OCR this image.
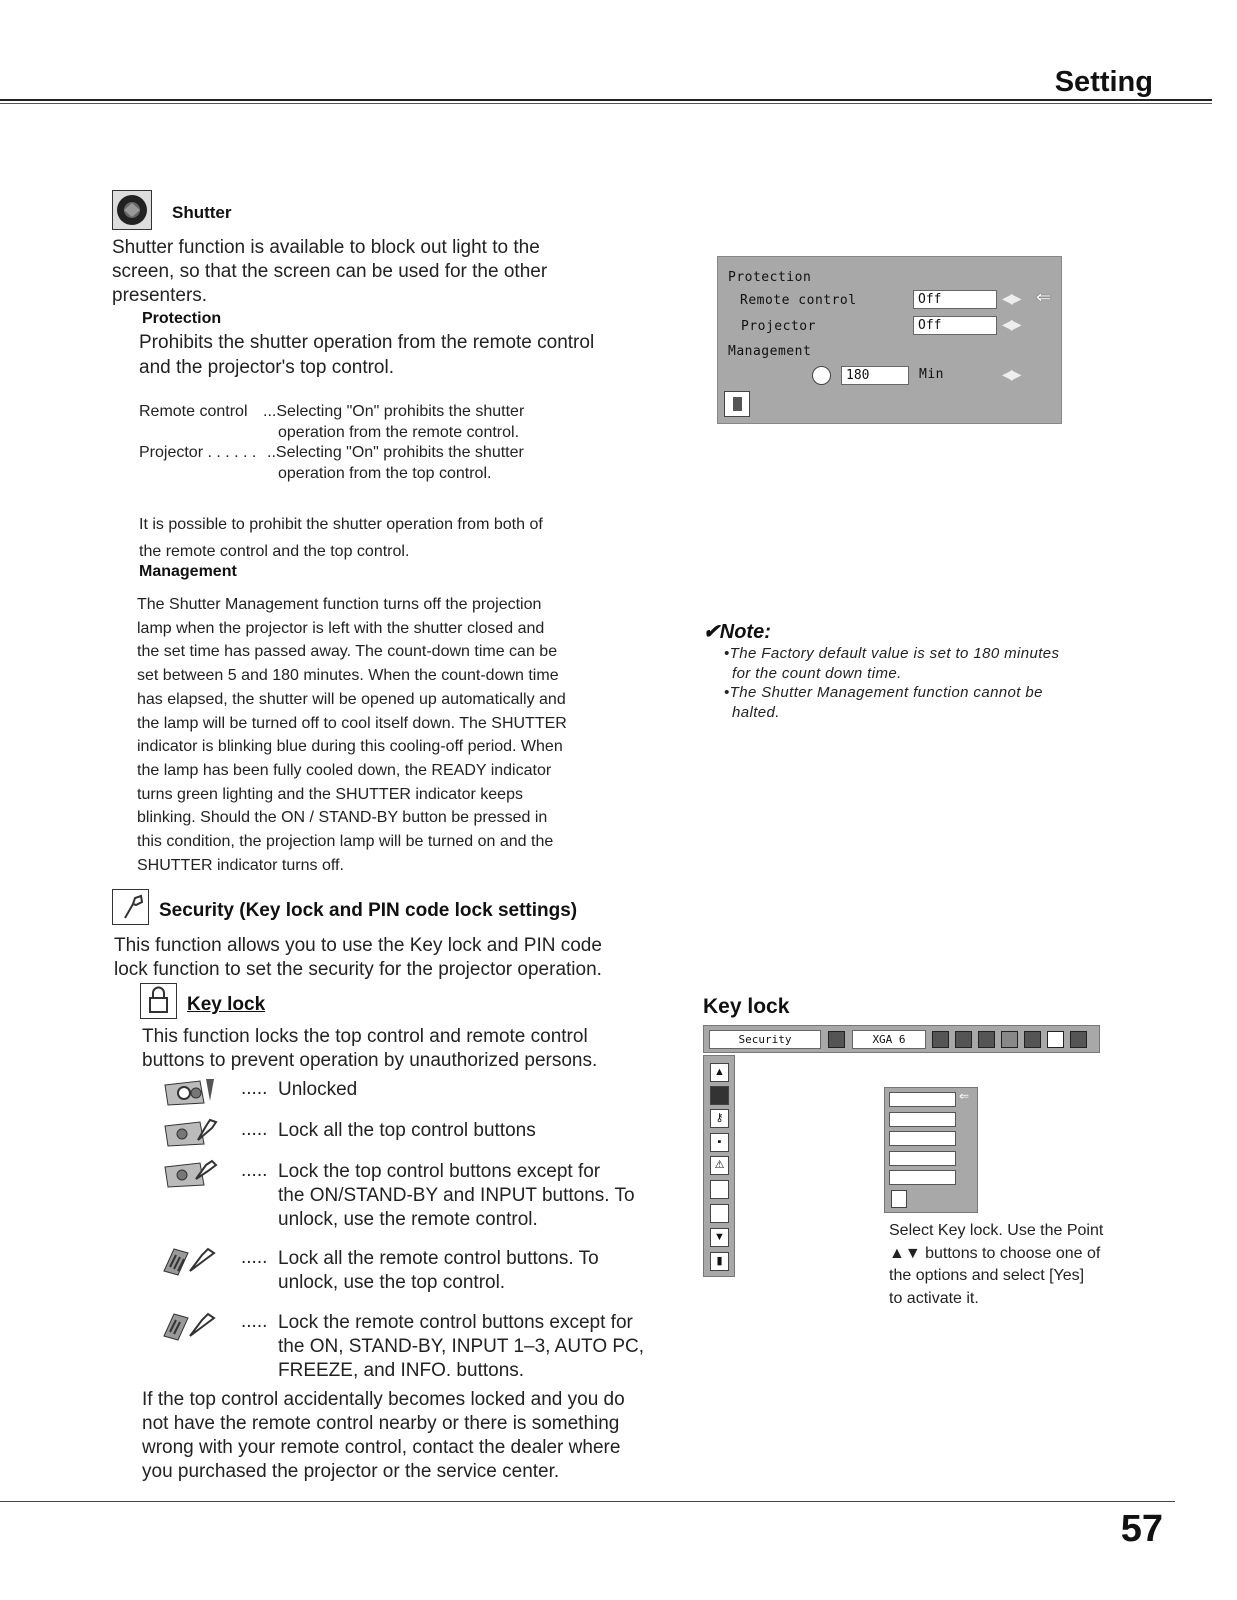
Setting
Shutter
Shutter function is available to block out light to the
screen, so that the screen can be used for the other
presenters.
Protection
Prohibits the shutter operation from the remote control
and the projector's top control.
Remote control ...Selecting "On" prohibits the shutter
operation from the remote control.
Projector . . . . . . ..Selecting "On" prohibits the shutter
operation from the top control.
It is possible to prohibit the shutter operation from both of
the remote control and the top control.
Management
The Shutter Management function turns off the projection
lamp when the projector is left with the shutter closed and
the set time has passed away. The count-down time can be
set between 5 and 180 minutes. When the count-down time
has elapsed, the shutter will be opened up automatically and
the lamp will be turned off to cool itself down. The SHUTTER
indicator is blinking blue during this cooling-off period. When
the lamp has been fully cooled down, the READY indicator
turns green lighting and the SHUTTER indicator keeps
blinking. Should the ON / STAND-BY button be pressed in
this condition, the projection lamp will be turned on and the
SHUTTER indicator turns off.
Protection
Remote control	Off	◀▶ ⇐
Projector	Off	◀▶
Management
180	Min	◀▶
✔Note:
•The Factory default value is set to 180 minutes
for the count down time.
•The Shutter Management function cannot be
halted.
Security (Key lock and PIN code lock settings)
This function allows you to use the Key lock and PIN code
lock function to set the security for the projector operation.
Key lock
This function locks the top control and remote control
buttons to prevent operation by unauthorized persons.
..... Unlocked
..... Lock all the top control buttons
..... Lock the top control buttons except for
the ON/STAND-BY and INPUT buttons. To
unlock, use the remote control.
..... Lock all the remote control buttons. To
unlock, use the top control.
..... Lock the remote control buttons except for
the ON, STAND-BY, INPUT 1–3, AUTO PC,
FREEZE, and INFO. buttons.
If the top control accidentally becomes locked and you do
not have the remote control nearby or there is something
wrong with your remote control, contact the dealer where
you purchased the projector or the service center.
Key lock
Security	XGA 6
▲
⚷
▪
⚠
▼
▮
⇐
Select Key lock. Use the Point
▲▼ buttons to choose one of
the options and select [Yes]
to activate it.
57
